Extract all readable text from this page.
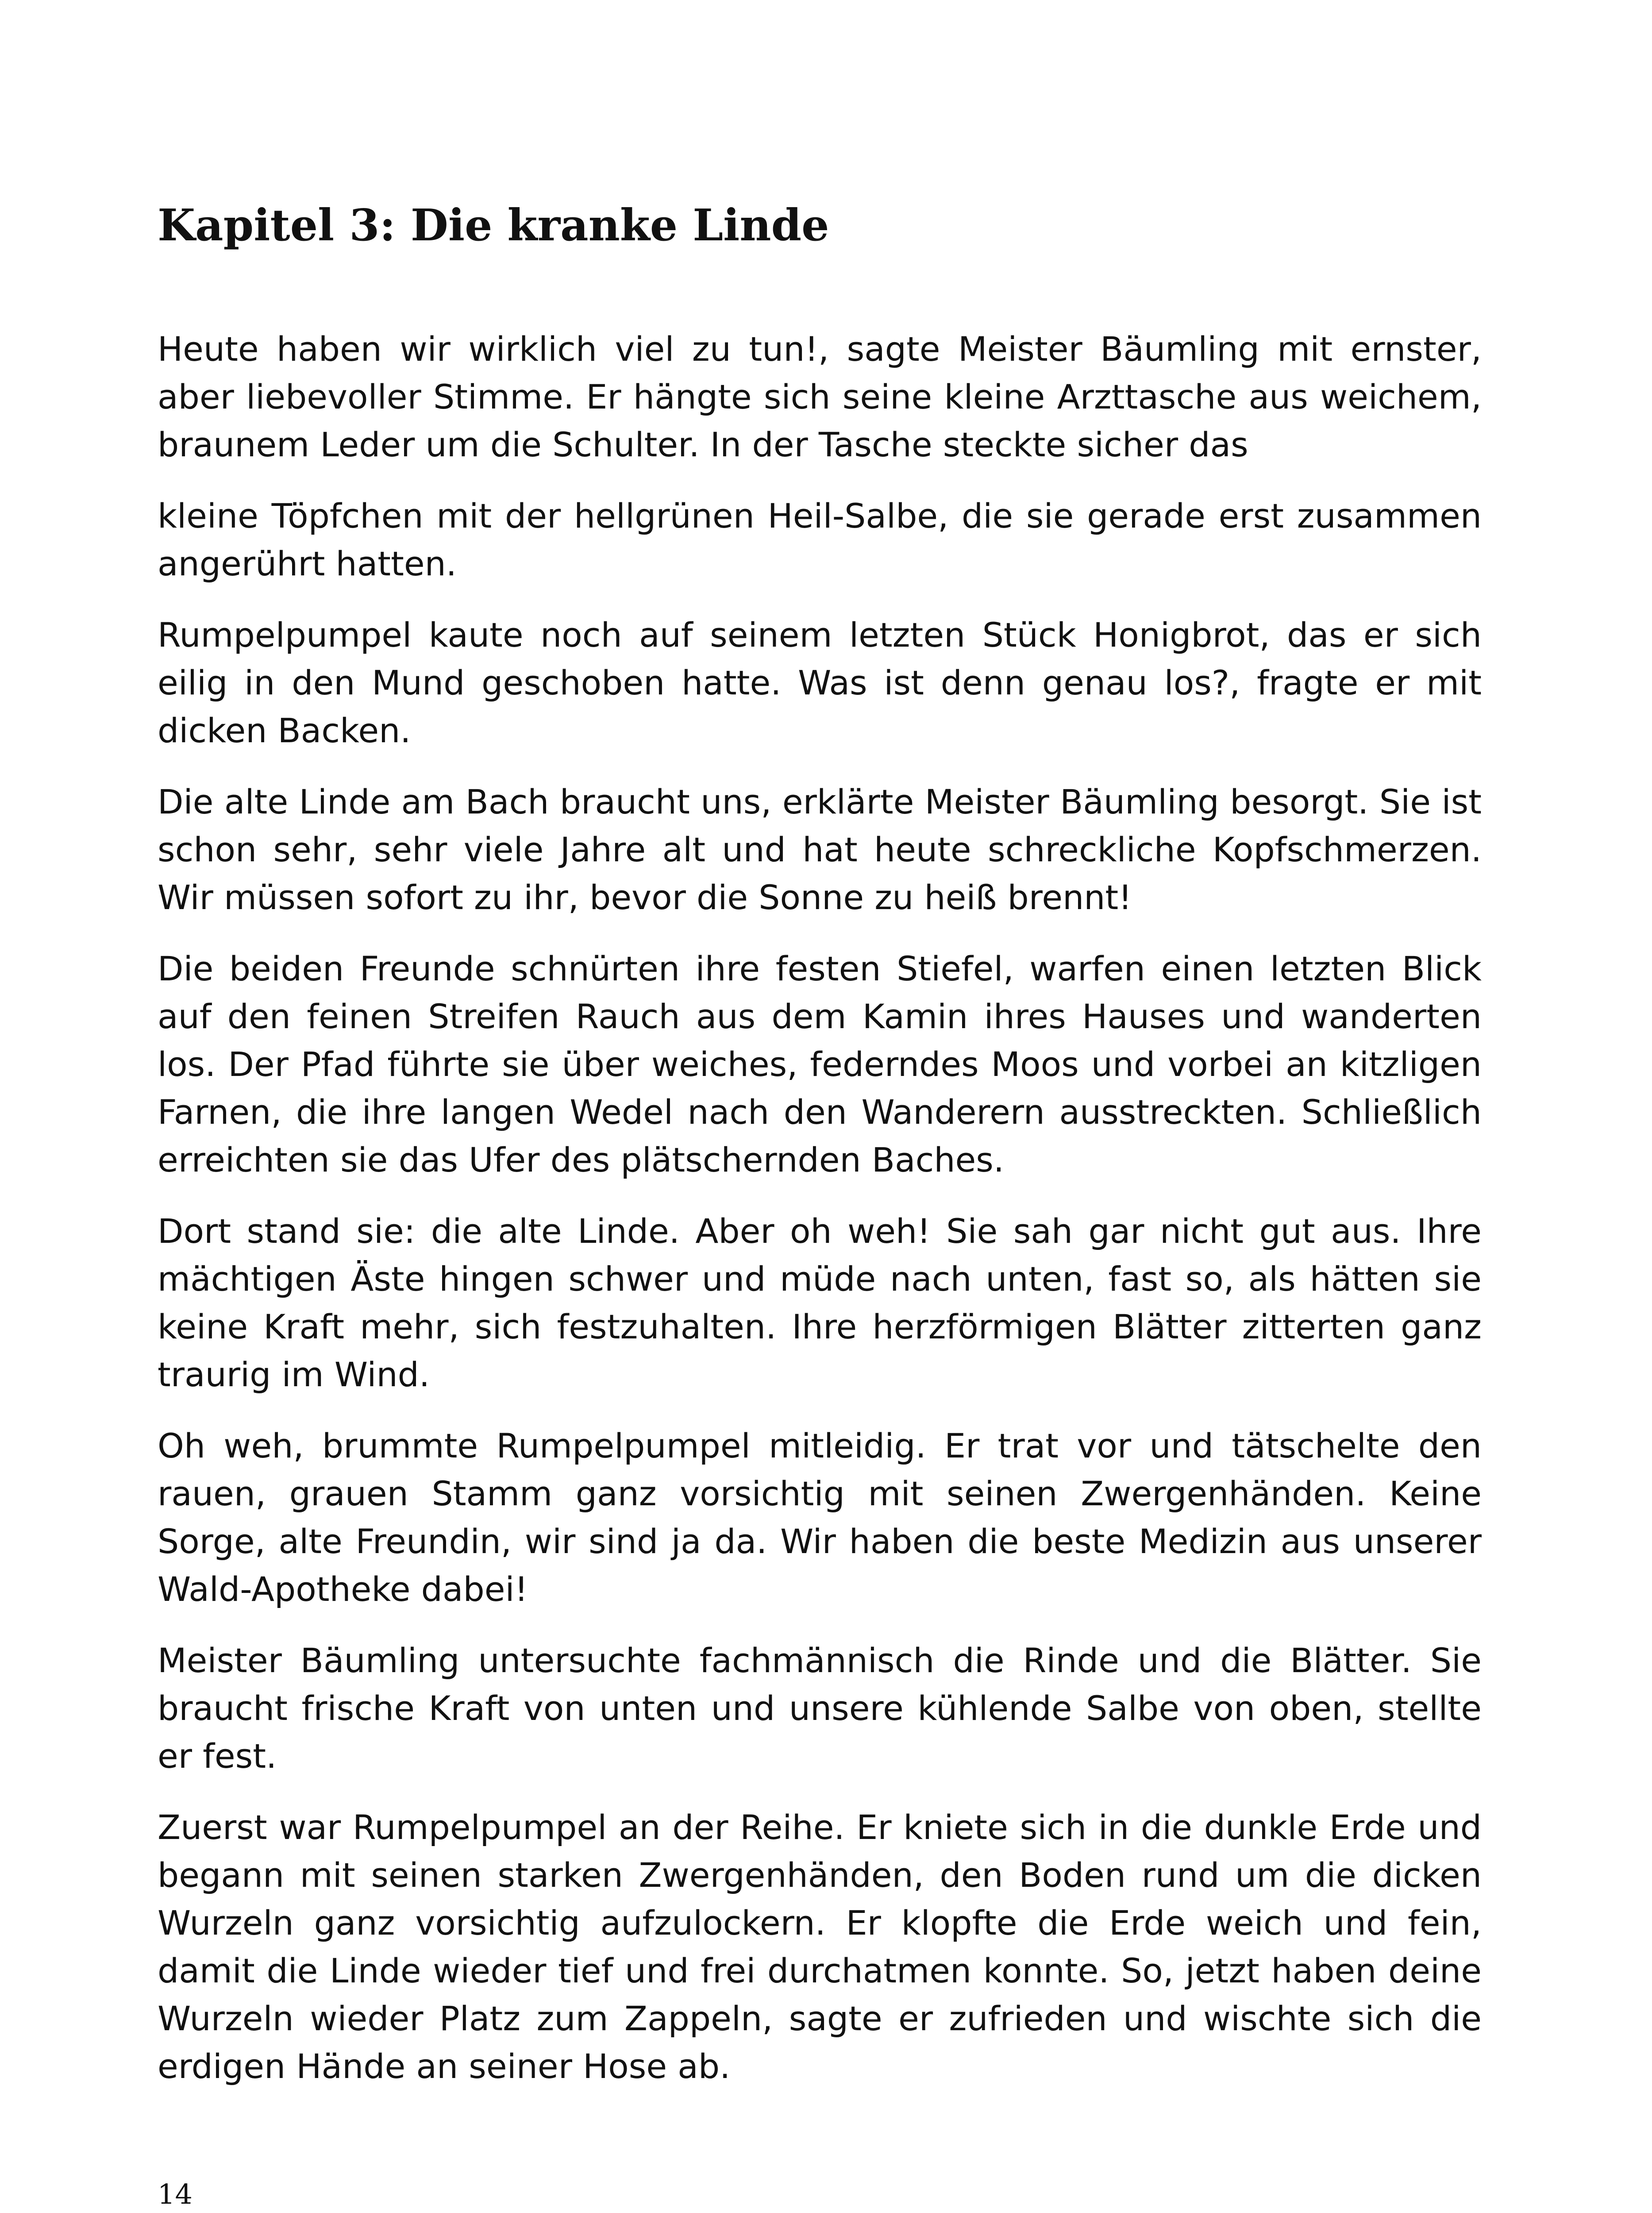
Kapitel 3: Die kranke Linde

Heute haben wir wirklich viel zu tun!, sagte Meister Bäumling mit ernster, aber liebevoller Stimme. Er hängte sich seine kleine Arzttasche aus weichem, braunem Leder um die Schulter. In der Tasche steckte sicher das

kleine Töpfchen mit der hellgrünen Heil-Salbe, die sie gerade erst zusammen angerührt hatten.

Rumpelpumpel kaute noch auf seinem letzten Stück Honigbrot, das er sich eilig in den Mund geschoben hatte. Was ist denn genau los?, fragte er mit dicken Backen.

Die alte Linde am Bach braucht uns, erklärte Meister Bäumling besorgt. Sie ist schon sehr, sehr viele Jahre alt und hat heute schreckliche Kopfschmerzen. Wir müssen sofort zu ihr, bevor die Sonne zu heiß brennt!

Die beiden Freunde schnürten ihre festen Stiefel, warfen einen letzten Blick auf den feinen Streifen Rauch aus dem Kamin ihres Hauses und wanderten los. Der Pfad führte sie über weiches, federndes Moos und vorbei an kitzligen Farnen, die ihre langen Wedel nach den Wanderern ausstreckten. Schließlich erreichten sie das Ufer des plätschernden Baches.

Dort stand sie: die alte Linde. Aber oh weh! Sie sah gar nicht gut aus. Ihre mächtigen Äste hingen schwer und müde nach unten, fast so, als hätten sie keine Kraft mehr, sich festzuhalten. Ihre herzförmigen Blätter zitterten ganz traurig im Wind.

Oh weh, brummte Rumpelpumpel mitleidig. Er trat vor und tätschelte den rauen, grauen Stamm ganz vorsichtig mit seinen Zwergenhänden. Keine Sorge, alte Freundin, wir sind ja da. Wir haben die beste Medizin aus unserer Wald-Apotheke dabei!

Meister Bäumling untersuchte fachmännisch die Rinde und die Blätter. Sie braucht frische Kraft von unten und unsere kühlende Salbe von oben, stellte er fest.

Zuerst war Rumpelpumpel an der Reihe. Er kniete sich in die dunkle Erde und begann mit seinen starken Zwergenhänden, den Boden rund um die dicken Wurzeln ganz vorsichtig aufzulockern. Er klopfte die Erde weich und fein, damit die Linde wieder tief und frei durchatmen konnte. So, jetzt haben deine Wurzeln wieder Platz zum Zappeln, sagte er zufrieden und wischte sich die erdigen Hände an seiner Hose ab.

14
